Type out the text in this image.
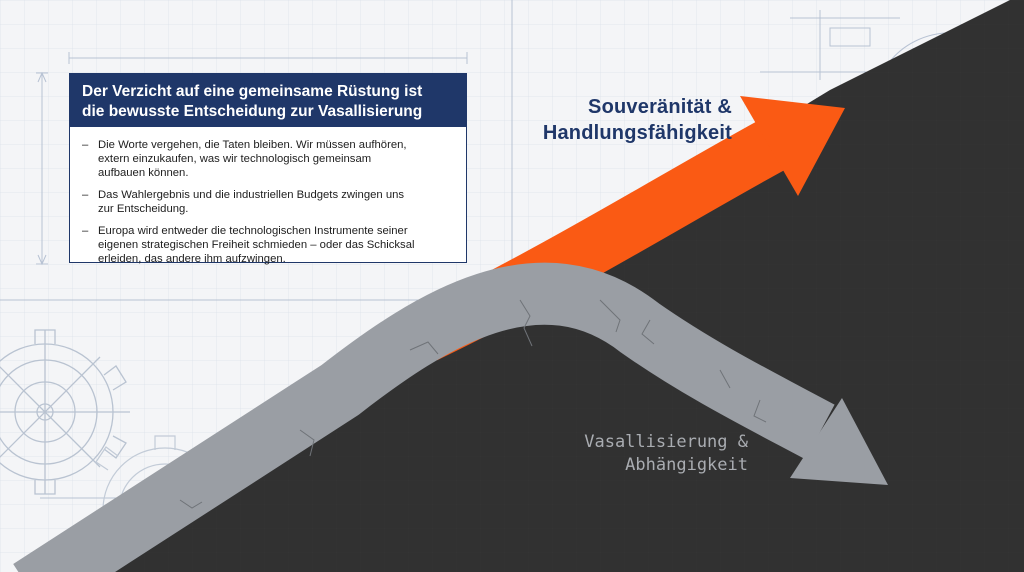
Der Verzicht auf eine gemeinsame Rüstung ist
die bewusste Entscheidung zur Vasallisierung
– Die Worte vergehen, die Taten bleiben. Wir müssen aufhören,
extern einzukaufen, was wir technologisch gemeinsam
aufbauen können.
– Das Wahlergebnis und die industriellen Budgets zwingen uns
zur Entscheidung.
– Europa wird entweder die technologischen Instrumente seiner
eigenen strategischen Freiheit schmieden – oder das Schicksal
erleiden, das andere ihm aufzwingen.
Souveränität &
Handlungsfähigkeit
Vasallisierung &
Abhängigkeit
